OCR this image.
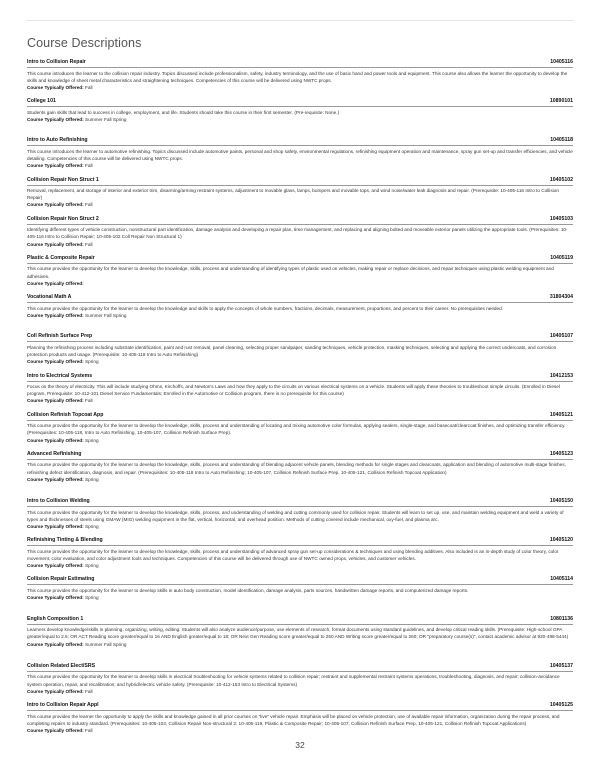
Course Descriptions
Intro to Collision Repair	10405116

This course introduces the learner to the collision repair industry. Topics discussed include professionalism, safety, industry terminology, and the use of basic hand and power tools and equipment. This course also allows the learner the opportunity to develop the skills and knowledge of sheet metal characteristics and straightening techniques. Competencies of this course will be delivered using NWTC props.

Course Typically Offered: Fall

College 101	10890101

Students gain skills that lead to success in college, employment, and life. Students should take this course in their first semester. (Pre-requisite: None.)

Course Typically Offered: Summer Fall Spring

Intro to Auto Refinishing	10405118

This course introduces the learner to automotive refinishing. Topics discussed include automotive paints, personal and shop safety, environmental regulations, refinishing equipment operation and maintenance, spray gun set-up and transfer efficiencies, and vehicle detailing. Competencies of this course will be delivered using NWTC props.

Course Typically Offered: Fall

Collision Repair Non Struct 1	10405102

Removal, replacement, and storage of interior and exterior trim, disarming/arming restraint systems, adjustment to movable glass, lamps, bumpers and movable tops, and wind noise/water leak diagnosis and repair. (Prerequisite: 10-405-116 Intro to Collision Repair)

Course Typically Offered: Fall

Collision Repair Non Struct 2	10405103

Identifying different types of vehicle construction, nonstructural part identification, damage analysis and developing a repair plan, time management, and replacing and aligning bolted and moveable exterior panels utilizing the appropriate tools. (Prerequisites: 10-405-116 Intro to Collision Repair; 10-405-102 Coll Repair Non Structural 1)

Course Typically Offered: Fall

Plastic & Composite Repair	10405119

This course provides the opportunity for the learner to develop the knowledge, skills, process and understanding of identifying types of plastic used on vehicles, making repair or replace decisions, and repair techniques using plastic welding equipment and adhesives.

Course Typically Offered:

Vocational Math A	31804304

This course provides the opportunity for the learner to develop the knowledge and skills to apply the concepts of whole numbers, fractions, decimals, measurement, proportions, and percent to their career. No prerequisites needed.

Course Typically Offered: Summer Fall Spring

Coll Refinish Surface Prep	10405107

Planning the refinishing process including substrate identification, paint and rust removal, panel cleaning, selecting proper sandpaper, sanding techniques, vehicle protection, masking techniques, selecting and applying the correct undercoats, and corrosion protection products and usage. (Prerequisite: 10-405-118 Intro to Auto Refinishing)

Course Typically Offered: Spring

Intro to Electrical Systems	10412153

Focus on the theory of electricity. This will include studying Ohms, Kirchoffs, and Newton's Laws and how they apply to the circuits on various electrical systems on a vehicle. Students will apply these theories to troubleshoot simple circuits. (Enrolled in Diesel program, Prerequisite: 10-412-101 Diesel Service Fundamentals; Enrolled in the Automotive or Collision program, there is no prerequisite for this course)

Course Typically Offered: Fall

Collision Refinish Topcoat App	10405121

This course provides the opportunity for the learner to develop the knowledge, skills, process and understanding of locating and mixing automotive color formulas, applying sealers, single-stage, and basecoat/clearcoat finishes, and optimizing transfer efficiency. (Prerequisites: 10-405-118, Intro to Auto Refinishing, 10-405-107, Collision Refinish Surface Prep).

Course Typically Offered: Spring

Advanced Refinishing	10405123

This course provides the opportunity for the learner to develop the knowledge, skills, process and understanding of blending adjacent vehicle panels, blending methods for single stages and clearcoats, application and blending of automotive multi-stage finishes, refinishing defect identification, diagnosis, and repair. (Prerequisites: 10-405-118 Intro to Auto Refinishing; 10-405-107, Collision Refinish Surface Prep, 10-405-121, Collision Refinish Topcoat Application)

Course Typically Offered: Spring

Intro to Collision Welding	10405150

This course provides the opportunity for the learner to develop the knowledge, skills, process, and understanding of welding and cutting commonly used for collision repair. Students will learn to set up, use, and maintain welding equipment and weld a variety of types and thicknesses of steels using GMAW (MIG) welding equipment in the flat, vertical, horizontal, and overhead position. Methods of cutting covered include mechanical, oxy-fuel, and plasma arc.

Course Typically Offered: Spring

Refinishing Tinting & Blending	10405120

This course provides the opportunity for the learner to develop the knowledge, skills, process and understanding of advanced spray gun set-up considerations & techniques and using blending additives. Also included is an in-depth study of color theory, color movement, color evaluation, and color adjustment tools and techniques. Competencies of this course will be delivered through use of NWTC owned props, vehicles, and customer vehicles.

Course Typically Offered: Spring

Collision Repair Estimating	10405114

This course provides the opportunity for the learner to develop skills in auto body construction, model identification, damage analysis, parts sources, handwritten damage reports, and computerized damage reports.

Course Typically Offered: Spring

English Composition 1	10801136

Learners develop knowledge/skills in planning, organizing, writing, editing. Students will also analyze audience/purpose, use elements of research, format documents using standard guidelines, and develop critical reading skills. (Prerequisite: High-school GPA greater/equal to 2.6; OR ACT Reading score greater/equal to 16 AND English greater/equal to 18; OR Next Gen Reading score greater/equal to 250 AND Writing score greater/equal to 260; OR "preparatory course(s)", contact academic advisor at 920-498-5444)

Course Typically Offered: Summer Fall Spring

Collision Related Elect/SRS	10405137

This course provides the opportunity for the learner to develop skills in electrical troubleshooting for vehicle systems related to collision repair; restraint and supplemental restraint systems operations, troubleshooting, diagnosis, and repair; collision-avoidance system operation, repair, and recalibration; and hybrid/electric vehicle safety. (Prerequisite: 10-412-153 Intro to Electrical Systems)

Course Typically Offered: Fall

Intro to Collision Repair Appl	10405125

This course provides the learner the opportunity to apply the skills and knowledge gained in all prior courses on "live" vehicle repair. Emphasis will be placed on vehicle protection, use of available repair information, organization during the repair process, and completing repairs to industry standard. (Prerequisites: 10-405-103, Collision Repair Non-structural 2; 10-405-119, Plastic & Composite Repair; 10-405-107, Collision Refinish Surface Prep, 10-405-121, Collision Refinish Topcoat Applications)

Course Typically Offered: Fall

32
